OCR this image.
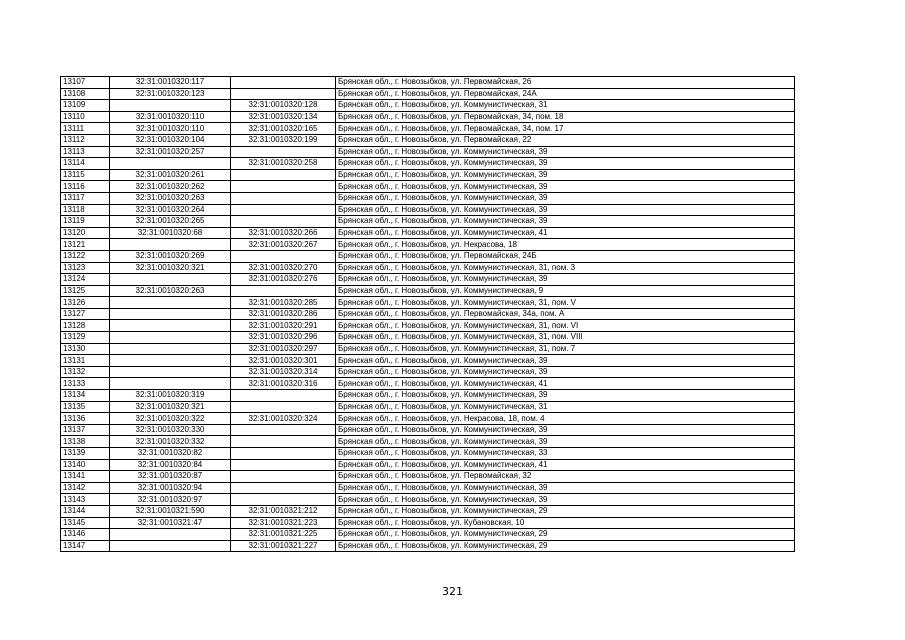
13107	32:31:0010320:117		Брянская обл., г. Новозыбков, ул. Первомайская, 26
13108	32:31:0010320:123		Брянская обл., г. Новозыбков, ул. Первомайская, 24А
13109		32:31:0010320:128	Брянская обл., г. Новозыбков, ул. Коммунистическая, 31
13110	32:31:0010320:110	32:31:0010320:134	Брянская обл., г. Новозыбков, ул. Первомайская, 34, пом. 18
13111	32:31:0010320:110	32:31:0010320:165	Брянская обл., г. Новозыбков, ул. Первомайская, 34, пом. 17
13112	32:31:0010320:104	32:31:0010320:199	Брянская обл., г. Новозыбков, ул. Первомайская, 22
13113	32:31:0010320:257		Брянская обл., г. Новозыбков, ул. Коммунистическая, 39
13114		32:31:0010320:258	Брянская обл., г. Новозыбков, ул. Коммунистическая, 39
13115	32:31:0010320:261		Брянская обл., г. Новозыбков, ул. Коммунистическая, 39
13116	32:31:0010320:262		Брянская обл., г. Новозыбков, ул. Коммунистическая, 39
13117	32:31:0010320:263		Брянская обл., г. Новозыбков, ул. Коммунистическая, 39
13118	32:31:0010320:264		Брянская обл., г. Новозыбков, ул. Коммунистическая, 39
13119	32:31:0010320:265		Брянская обл., г. Новозыбков, ул. Коммунистическая, 39
13120	32:31:0010320:68	32:31:0010320:266	Брянская обл., г. Новозыбков, ул. Коммунистическая, 41
13121		32:31:0010320:267	Брянская обл., г. Новозыбков, ул. Некрасова, 18
13122	32:31:0010320:269		Брянская обл., г. Новозыбков, ул. Первомайская, 24Б
13123	32:31:0010320:321	32:31:0010320:270	Брянская обл., г. Новозыбков, ул. Коммунистическая, 31, пом. 3
13124		32:31:0010320:276	Брянская обл., г. Новозыбков, ул. Коммунистическая, 39
13125	32:31:0010320:263		Брянская обл., г. Новозыбков, ул. Коммунистическая, 9
13126		32:31:0010320:285	Брянская обл., г. Новозыбков, ул. Коммунистическая, 31, пом. V
13127		32:31:0010320:286	Брянская обл., г. Новозыбков, ул. Первомайская, 34а, пом. А
13128		32:31:0010320:291	Брянская обл., г. Новозыбков, ул. Коммунистическая, 31, пом. VI
13129		32:31:0010320:296	Брянская обл., г. Новозыбков, ул. Коммунистическая, 31, пом. VIII
13130		32:31:0010320:297	Брянская обл., г. Новозыбков, ул. Коммунистическая, 31, пом. 7
13131		32:31:0010320:301	Брянская обл., г. Новозыбков, ул. Коммунистическая, 39
13132		32:31:0010320:314	Брянская обл., г. Новозыбков, ул. Коммунистическая, 39
13133		32:31:0010320:316	Брянская обл., г. Новозыбков, ул. Коммунистическая, 41
13134	32:31:0010320:319		Брянская обл., г. Новозыбков, ул. Коммунистическая, 39
13135	32:31:0010320:321		Брянская обл., г. Новозыбков, ул. Коммунистическая, 31
13136	32:31:0010320:322	32:31:0010320:324	Брянская обл., г. Новозыбков, ул. Некрасова, 18, пом. 4
13137	32:31:0010320:330		Брянская обл., г. Новозыбков, ул. Коммунистическая, 39
13138	32:31:0010320:332		Брянская обл., г. Новозыбков, ул. Коммунистическая, 39
13139	32:31:0010320:82		Брянская обл., г. Новозыбков, ул. Коммунистическая, 33
13140	32:31:0010320:84		Брянская обл., г. Новозыбков, ул. Коммунистическая, 41
13141	32:31:0010320:87		Брянская обл., г. Новозыбков, ул. Первомайская, 32
13142	32:31:0010320:94		Брянская обл., г. Новозыбков, ул. Коммунистическая, 39
13143	32:31:0010320:97		Брянская обл., г. Новозыбков, ул. Коммунистическая, 39
13144	32:31:0010321:590	32:31:0010321:212	Брянская обл., г. Новозыбков, ул. Коммунистическая, 29
13145	32:31:0010321:47	32:31:0010321:223	Брянская обл., г. Новозыбков, ул. Кубановская, 10
13146		32:31:0010321:225	Брянская обл., г. Новозыбков, ул. Коммунистическая, 29
13147		32:31:0010321:227	Брянская обл., г. Новозыбков, ул. Коммунистическая, 29
321
